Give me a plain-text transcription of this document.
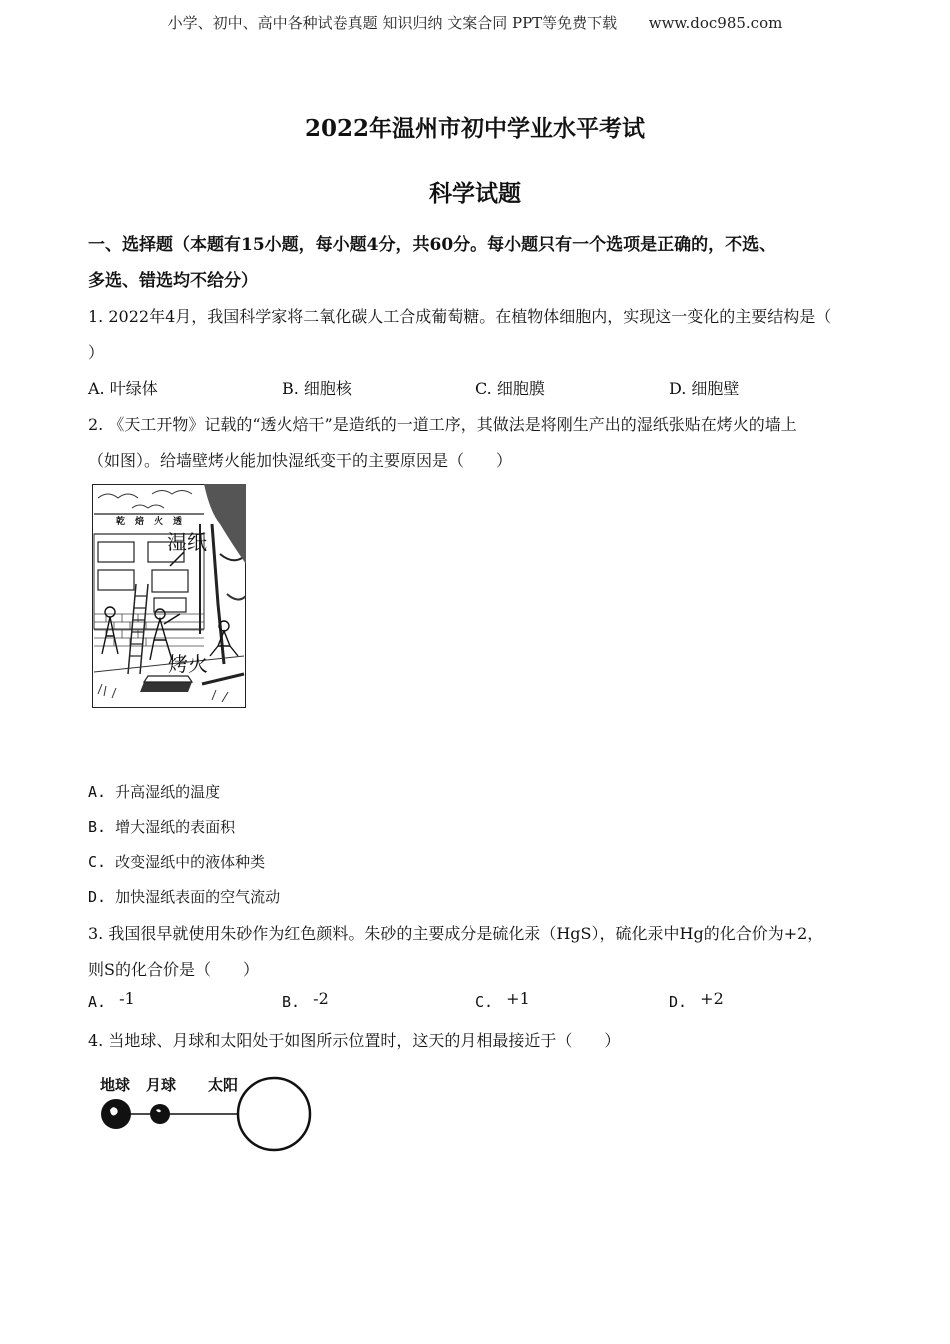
小学、初中、高中各种试卷真题 知识归纳 文案合同 PPT等免费下载 www.doc985.com
2022年温州市初中学业水平考试
科学试题
一、选择题（本题有15小题，每小题4分，共60分。每小题只有一个选项是正确的，不选、
多选、错选均不给分）
1. 2022年4月，我国科学家将二氧化碳人工合成葡萄糖。在植物体细胞内，实现这一变化的主要结构是（
）
A. 叶绿体	B. 细胞核	C. 细胞膜	D. 细胞壁
2. 《天工开物》记载的“透火焙干”是造纸的一道工序，其做法是将刚生产出的湿纸张贴在烤火的墙上
（如图）。给墙壁烤火能加快湿纸变干的主要原因是（　　）
乾焙火透
湿纸
烤火
A. 升高湿纸的温度
B. 增大湿纸的表面积
C. 改变湿纸中的液体种类
D. 加快湿纸表面的空气流动
3. 我国很早就使用朱砂作为红色颜料。朱砂的主要成分是硫化汞（HgS），硫化汞中Hg的化合价为+2，
则S的化合价是（　　）
A. -1	B. -2	C. +1	D. +2
4. 当地球、月球和太阳处于如图所示位置时，这天的月相最接近于（　　）
地球 月球 太阳
